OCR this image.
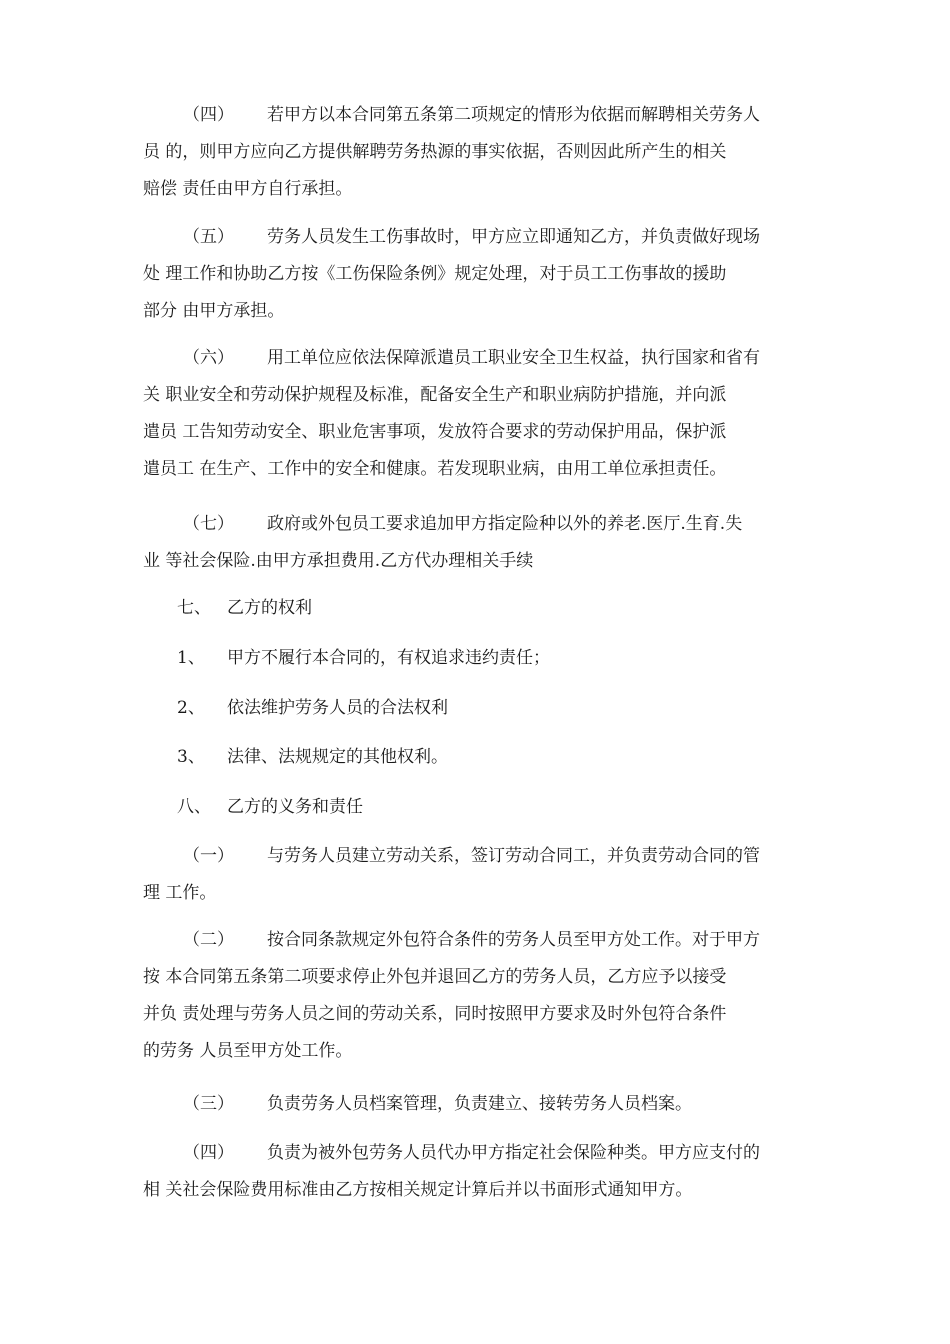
（四） 若甲方以本合同第五条第二项规定的情形为依据而解聘相关劳务人
员 的，则甲方应向乙方提供解聘劳务热源的事实依据，否则因此所产生的相关
赔偿 责任由甲方自行承担。
（五） 劳务人员发生工伤事故时，甲方应立即通知乙方，并负责做好现场
处 理工作和协助乙方按《工伤保险条例》规定处理，对于员工工伤事故的援助
部分 由甲方承担。
（六） 用工单位应依法保障派遣员工职业安全卫生权益，执行国家和省有
关 职业安全和劳动保护规程及标准，配备安全生产和职业病防护措施，并向派
遣员 工告知劳动安全、职业危害事项，发放符合要求的劳动保护用品，保护派
遣员工 在生产、工作中的安全和健康。若发现职业病，由用工单位承担责任。
（七） 政府或外包员工要求追加甲方指定险种以外的养老.医厅.生育.失
业 等社会保险.由甲方承担费用.乙方代办理相关手续
七、 乙方的权利
1、 甲方不履行本合同的，有权追求违约责任；
2、 依法维护劳务人员的合法权利
3、 法律、法规规定的其他权利。
八、 乙方的义务和责任
（一） 与劳务人员建立劳动关系，签订劳动合同工，并负责劳动合同的管
理 工作。
（二） 按合同条款规定外包符合条件的劳务人员至甲方处工作。对于甲方
按 本合同第五条第二项要求停止外包并退回乙方的劳务人员，乙方应予以接受
并负 责处理与劳务人员之间的劳动关系，同时按照甲方要求及时外包符合条件
的劳务 人员至甲方处工作。
（三） 负责劳务人员档案管理，负责建立、接转劳务人员档案。
（四） 负责为被外包劳务人员代办甲方指定社会保险种类。甲方应支付的
相 关社会保险费用标准由乙方按相关规定计算后并以书面形式通知甲方。
